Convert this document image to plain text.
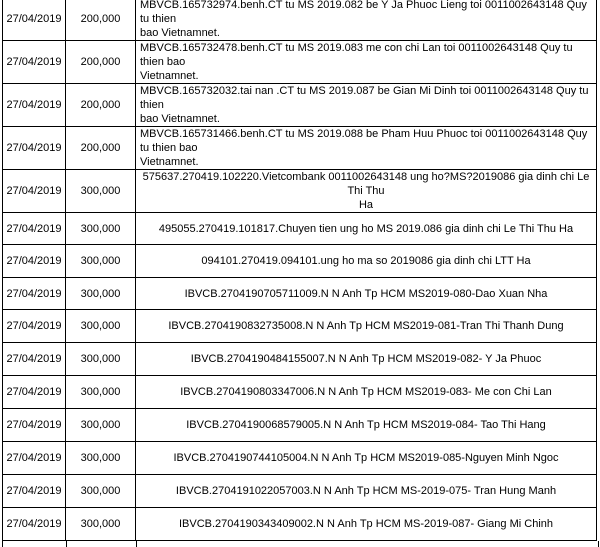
27/04/2019	200,000	MBVCB.165732974.benh.CT tu MS 2019.082 be Y Ja Phuoc Lieng toi 0011002643148 Quy tu thien
bao Vietnamnet.
27/04/2019	200,000	MBVCB.165732478.benh.CT tu MS 2019.083 me con chi Lan toi 0011002643148 Quy tu thien bao
Vietnamnet.
27/04/2019	200,000	MBVCB.165732032.tai nan .CT tu MS 2019.087 be Gian Mi Dinh toi 0011002643148 Quy tu thien
bao Vietnamnet.
27/04/2019	200,000	MBVCB.165731466.benh.CT tu MS 2019.088 be Pham Huu Phuoc toi 0011002643148 Quy tu thien bao
Vietnamnet.
27/04/2019	300,000	575637.270419.102220.Vietcombank 0011002643148 ung ho?MS?2019086 gia dinh chi Le Thi Thu
Ha
27/04/2019	300,000	495055.270419.101817.Chuyen tien ung ho MS 2019.086 gia dinh chi Le Thi Thu Ha
27/04/2019	300,000	094101.270419.094101.ung ho ma so 2019086 gia dinh chi LTT Ha
27/04/2019	300,000	IBVCB.2704190705711009.N N Anh Tp HCM MS2019-080-Dao Xuan Nha
27/04/2019	300,000	IBVCB.2704190832735008.N N Anh Tp HCM MS2019-081-Tran Thi Thanh Dung
27/04/2019	300,000	IBVCB.2704190484155007.N N Anh Tp HCM MS2019-082- Y Ja Phuoc
27/04/2019	300,000	IBVCB.2704190803347006.N N Anh Tp HCM MS2019-083- Me con Chi Lan
27/04/2019	300,000	IBVCB.2704190068579005.N N Anh Tp HCM MS2019-084- Tao Thi Hang
27/04/2019	300,000	IBVCB.2704190744105004.N N Anh Tp HCM MS2019-085-Nguyen Minh Ngoc
27/04/2019	300,000	IBVCB.2704191022057003.N N Anh Tp HCM MS-2019-075- Tran Hung Manh
27/04/2019	300,000	IBVCB.2704190343409002.N N Anh Tp HCM MS-2019-087- Giang Mi Chinh
